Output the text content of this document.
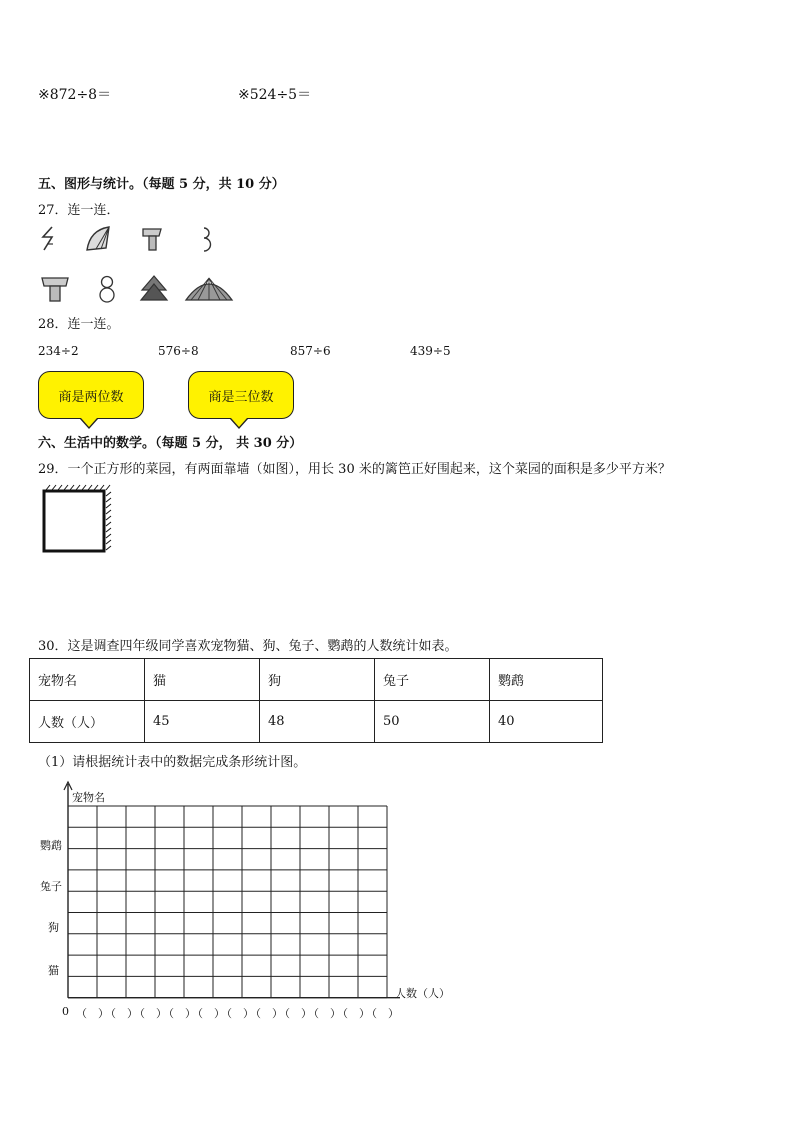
※872÷8＝	※524÷5＝
五、图形与统计。（每题 5 分，共 10 分）
27．连一连．
28．连一连。
234÷2	576÷8	857÷6	439÷5
商是两位数	商是三位数
六、生活中的数学。（每题 5 分， 共 30 分）
29．一个正方形的菜园，有两面靠墙（如图），用长 30 米的篱笆正好围起来，这个菜园的面积是多少平方米？
30．这是调查四年级同学喜欢宠物猫、狗、兔子、鹦鹉的人数统计如表。
宠物名	猫	狗	兔子	鹦鹉
人数（人）	45	48	50	40
（1）请根据统计表中的数据完成条形统计图。
宠物名
鹦鹉
兔子
狗
猫
人数（人）
0 （　）
（　）
（　）
（　）
（　）
（　）
（　）
（　）
（　）
（　）
（　）
